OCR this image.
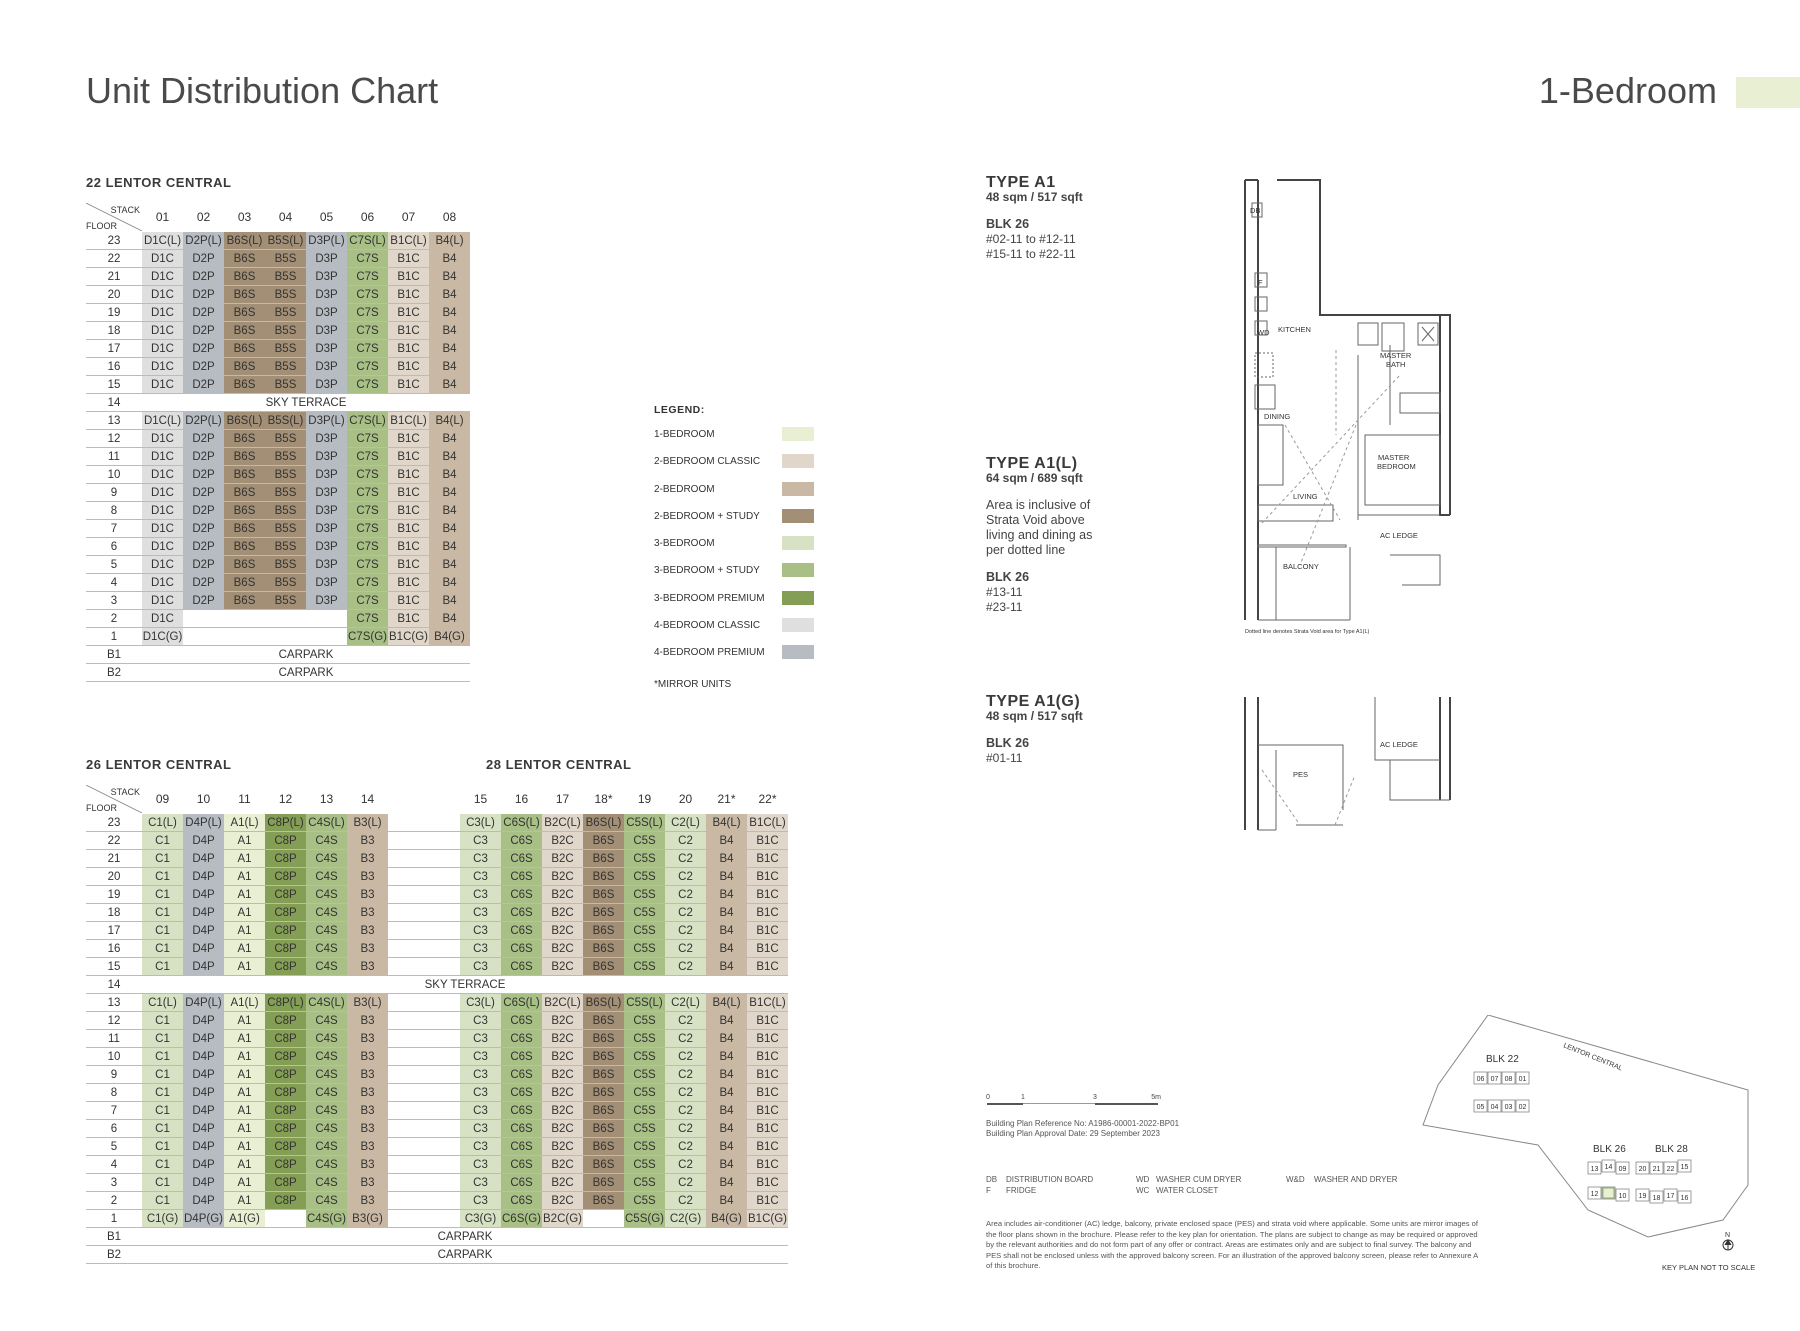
Unit Distribution Chart	1-Bedroom
22 LENTOR CENTRAL
STACK
FLOOR	01	02	03	04	05	06	07	08
23	D1C(L)	D2P(L)	B6S(L)	B5S(L)	D3P(L)	C7S(L)	B1C(L)	B4(L)
22	D1C	D2P	B6S	B5S	D3P	C7S	B1C	B4
21	D1C	D2P	B6S	B5S	D3P	C7S	B1C	B4
20	D1C	D2P	B6S	B5S	D3P	C7S	B1C	B4
19	D1C	D2P	B6S	B5S	D3P	C7S	B1C	B4
18	D1C	D2P	B6S	B5S	D3P	C7S	B1C	B4
17	D1C	D2P	B6S	B5S	D3P	C7S	B1C	B4
16	D1C	D2P	B6S	B5S	D3P	C7S	B1C	B4
15	D1C	D2P	B6S	B5S	D3P	C7S	B1C	B4
14	SKY TERRACE							
13	D1C(L)	D2P(L)	B6S(L)	B5S(L)	D3P(L)	C7S(L)	B1C(L)	B4(L)
12	D1C	D2P	B6S	B5S	D3P	C7S	B1C	B4
11	D1C	D2P	B6S	B5S	D3P	C7S	B1C	B4
10	D1C	D2P	B6S	B5S	D3P	C7S	B1C	B4
9	D1C	D2P	B6S	B5S	D3P	C7S	B1C	B4
8	D1C	D2P	B6S	B5S	D3P	C7S	B1C	B4
7	D1C	D2P	B6S	B5S	D3P	C7S	B1C	B4
6	D1C	D2P	B6S	B5S	D3P	C7S	B1C	B4
5	D1C	D2P	B6S	B5S	D3P	C7S	B1C	B4
4	D1C	D2P	B6S	B5S	D3P	C7S	B1C	B4
3	D1C	D2P	B6S	B5S	D3P	C7S	B1C	B4
2	D1C					C7S	B1C	B4
1	D1C(G)					C7S(G)	B1C(G)	B4(G)
B1	CARPARK							
B2	CARPARK							
26 LENTOR CENTRAL	28 LENTOR CENTRAL
STACK
FLOOR	09	10	11	12	13	14		15	16	17	18*	19	20	21*	22*
23	C1(L)	D4P(L)	A1(L)	C8P(L)	C4S(L)	B3(L)		C3(L)	C6S(L)	B2C(L)	B6S(L)	C5S(L)	C2(L)	B4(L)	B1C(L)
22	C1	D4P	A1	C8P	C4S	B3		C3	C6S	B2C	B6S	C5S	C2	B4	B1C
21	C1	D4P	A1	C8P	C4S	B3		C3	C6S	B2C	B6S	C5S	C2	B4	B1C
20	C1	D4P	A1	C8P	C4S	B3		C3	C6S	B2C	B6S	C5S	C2	B4	B1C
19	C1	D4P	A1	C8P	C4S	B3		C3	C6S	B2C	B6S	C5S	C2	B4	B1C
18	C1	D4P	A1	C8P	C4S	B3		C3	C6S	B2C	B6S	C5S	C2	B4	B1C
17	C1	D4P	A1	C8P	C4S	B3		C3	C6S	B2C	B6S	C5S	C2	B4	B1C
16	C1	D4P	A1	C8P	C4S	B3		C3	C6S	B2C	B6S	C5S	C2	B4	B1C
15	C1	D4P	A1	C8P	C4S	B3		C3	C6S	B2C	B6S	C5S	C2	B4	B1C
14	SKY TERRACE														
13	C1(L)	D4P(L)	A1(L)	C8P(L)	C4S(L)	B3(L)		C3(L)	C6S(L)	B2C(L)	B6S(L)	C5S(L)	C2(L)	B4(L)	B1C(L)
12	C1	D4P	A1	C8P	C4S	B3		C3	C6S	B2C	B6S	C5S	C2	B4	B1C
11	C1	D4P	A1	C8P	C4S	B3		C3	C6S	B2C	B6S	C5S	C2	B4	B1C
10	C1	D4P	A1	C8P	C4S	B3		C3	C6S	B2C	B6S	C5S	C2	B4	B1C
9	C1	D4P	A1	C8P	C4S	B3		C3	C6S	B2C	B6S	C5S	C2	B4	B1C
8	C1	D4P	A1	C8P	C4S	B3		C3	C6S	B2C	B6S	C5S	C2	B4	B1C
7	C1	D4P	A1	C8P	C4S	B3		C3	C6S	B2C	B6S	C5S	C2	B4	B1C
6	C1	D4P	A1	C8P	C4S	B3		C3	C6S	B2C	B6S	C5S	C2	B4	B1C
5	C1	D4P	A1	C8P	C4S	B3		C3	C6S	B2C	B6S	C5S	C2	B4	B1C
4	C1	D4P	A1	C8P	C4S	B3		C3	C6S	B2C	B6S	C5S	C2	B4	B1C
3	C1	D4P	A1	C8P	C4S	B3		C3	C6S	B2C	B6S	C5S	C2	B4	B1C
2	C1	D4P	A1	C8P	C4S	B3		C3	C6S	B2C	B6S	C5S	C2	B4	B1C
1	C1(G)	D4P(G)	A1(G)		C4S(G)	B3(G)		C3(G)	C6S(G)	B2C(G)		C5S(G)	C2(G)	B4(G)	B1C(G)
B1	CARPARK														
B2	CARPARK														
LEGEND:
1-BEDROOM
2-BEDROOM CLASSIC
2-BEDROOM
2-BEDROOM + STUDY
3-BEDROOM
3-BEDROOM + STUDY
3-BEDROOM PREMIUM
4-BEDROOM CLASSIC
4-BEDROOM PREMIUM
*MIRROR UNITS
TYPE A1
48 sqm / 517 sqft
BLK 26
#02-11 to #12-11
#15-11 to #22-11
TYPE A1(L)
64 sqm / 689 sqft
Area is inclusive of
Strata Void above
living and dining as
per dotted line
BLK 26
#13-11
#23-11
TYPE A1(G)
48 sqm / 517 sqft
BLK 26
#01-11
DB
F
WD KITCHEN
MASTER
BATH
DINING
MASTER
BEDROOM
LIVING
AC LEDGE
BALCONY
Dotted line denotes Strata Void area for Type A1(L)
AC LEDGE
PES
0	1	3	5m
Building Plan Reference No: A1986-00001-2022-BP01
Building Plan Approval Date: 29 September 2023
DB	DISTRIBUTION BOARD	WD WASHER CUM DRYER	W&D	WASHER AND DRYER
F	FRIDGE	WC WATER CLOSET
Area includes air-conditioner (AC) ledge, balcony, private enclosed space (PES) and strata void where applicable. Some units are mirror images of the floor plans shown in the brochure. Please refer to the key plan for orientation. The plans are subject to change as may be required or approved by the relevant authorities and do not form part of any offer or contract. Areas are estimates only and are subject to final survey. The balcony and PES shall not be enclosed unless with the approved balcony screen. For an illustration of the approved balcony screen, please refer to Annexure A of this brochure.
BLK 22	LENTOR CENTRAL
BLK 26	BLK 28
N
06 07 08 01
05 04 03 02
13 14 09
12	10
20 21 22 15
19 18 17 16
KEY PLAN NOT TO SCALE
